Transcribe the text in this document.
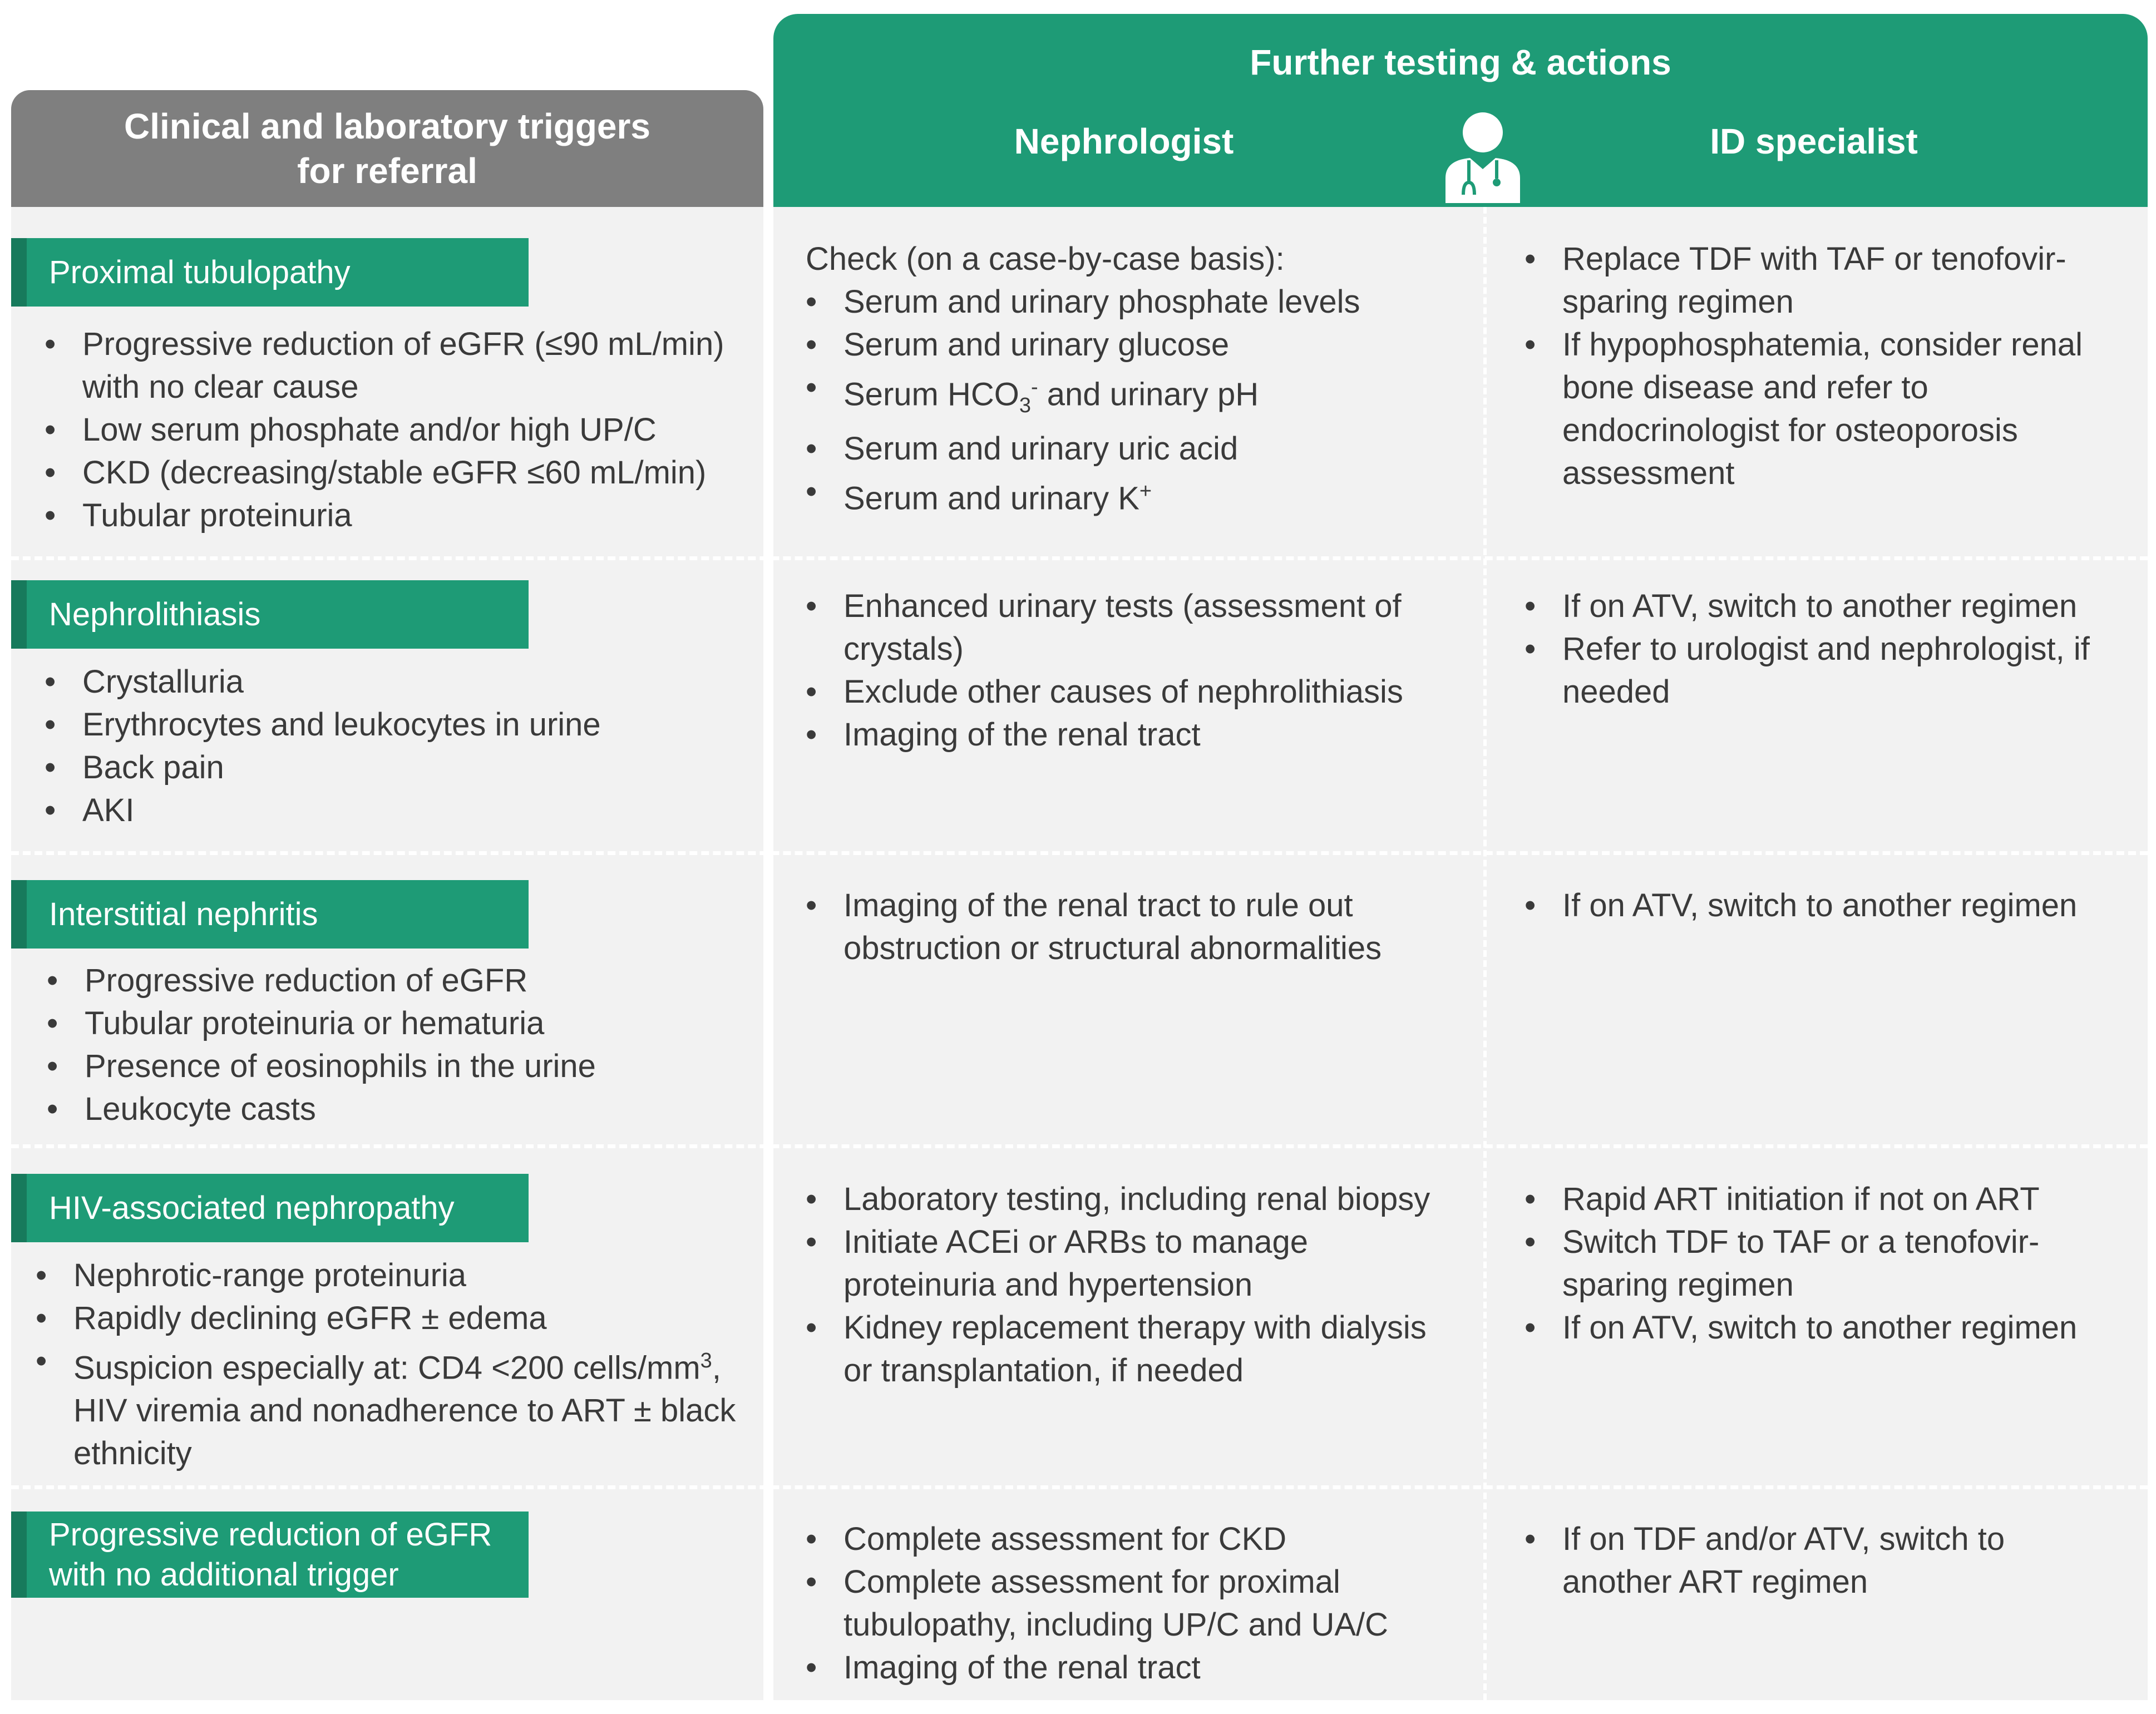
Clinical and laboratory triggers for referral
Further testing & actions
Nephrologist	ID specialist
Proximal tubulopathy
• Progressive reduction of eGFR (≤90 mL/min) with no clear cause
• Low serum phosphate and/or high UP/C
• CKD (decreasing/stable eGFR ≤60 mL/min)
• Tubular proteinuria
Check (on a case-by-case basis):
• Serum and urinary phosphate levels
• Serum and urinary glucose
• Serum $HCO_3^-$ and urinary pH
• Serum and urinary uric acid
• Serum and urinary K+
• Replace TDF with TAF or tenofovir-sparing regimen
• If hypophosphatemia, consider renal bone disease and refer to endocrinologist for osteoporosis assessment
Nephrolithiasis
• Crystalluria
• Erythrocytes and leukocytes in urine
• Back pain
• AKI
• Enhanced urinary tests (assessment of crystals)
• Exclude other causes of nephrolithiasis
• Imaging of the renal tract
• If on ATV, switch to another regimen
• Refer to urologist and nephrologist, if needed
Interstitial nephritis
• Progressive reduction of eGFR
• Tubular proteinuria or hematuria
• Presence of eosinophils in the urine
• Leukocyte casts
• Imaging of the renal tract to rule out obstruction or structural abnormalities
• If on ATV, switch to another regimen
HIV-associated nephropathy
• Nephrotic-range proteinuria
• Rapidly declining eGFR ± edema
• Suspicion especially at: CD4 <200 cells/$mm^3$, HIV viremia and nonadherence to ART ± black ethnicity
• Laboratory testing, including renal biopsy
• Initiate ACEi or ARBs to manage proteinuria and hypertension
• Kidney replacement therapy with dialysis or transplantation, if needed
• Rapid ART initiation if not on ART
• Switch TDF to TAF or a tenofovir-sparing regimen
• If on ATV, switch to another regimen
Progressive reduction of eGFR with no additional trigger
• Complete assessment for CKD
• Complete assessment for proximal tubulopathy, including UP/C and UA/C
• Imaging of the renal tract
• If on TDF and/or ATV, switch to another ART regimen
